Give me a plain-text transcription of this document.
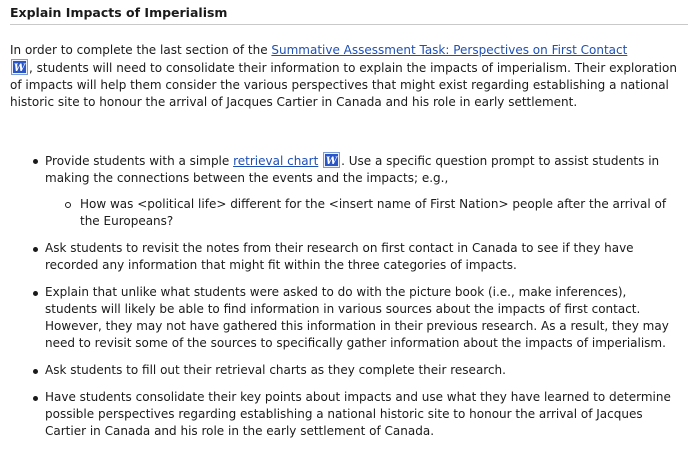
Explain Impacts of Imperialism

In order to complete the last section of the Summative Assessment Task: Perspectives on First Contact

W , students will need to consolidate their information to explain the impacts of imperialism. Their exploration of impacts will help them consider the various perspectives that might exist regarding establishing a national historic site to honour the arrival of Jacques Cartier in Canada and his role in early settlement.

Provide students with a simple retrieval chart W . Use a specific question prompt to assist students in making the connections between the events and the impacts; e.g.,
How was <political life> different for the <insert name of First Nation> people after the arrival of the Europeans?
Ask students to revisit the notes from their research on first contact in Canada to see if they have recorded any information that might fit within the three categories of impacts.
Explain that unlike what students were asked to do with the picture book (i.e., make inferences), students will likely be able to find information in various sources about the impacts of first contact. However, they may not have gathered this information in their previous research. As a result, they may need to revisit some of the sources to specifically gather information about the impacts of imperialism.
Ask students to fill out their retrieval charts as they complete their research.
Have students consolidate their key points about impacts and use what they have learned to determine possible perspectives regarding establishing a national historic site to honour the arrival of Jacques Cartier in Canada and his role in the early settlement of Canada.
